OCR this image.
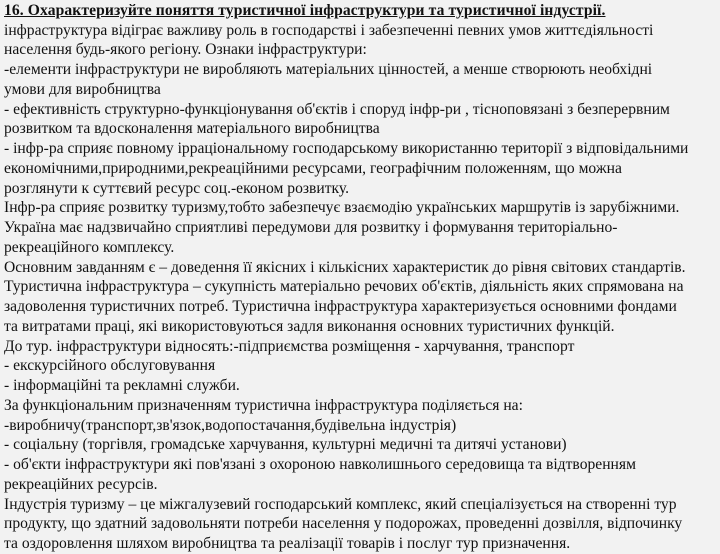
16. Охарактеризуйте поняття туристичної інфраструктури та туристичної індустрії.

інфраструктура відіграє важливу роль в господарстві і забезпеченні певних умов життєдіяльності

населення будь-якого регіону. Ознаки інфраструктури:

-елементи інфраструктури не виробляють матеріальних цінностей, а менше створюють необхідні

умови для виробництва

- ефективність структурно-функціонування об'єктів і споруд інфр-ри , тісноповязані з безперервним

розвитком та вдосконалення матеріального виробництва

- інфр-ра сприяє повному ірраціональному господарському використанню території з відповідальними

економічними,природними,рекреаційними ресурсами, географічним положенням, що можна

розглянути к суттєвий ресурс соц.-економ розвитку.

Інфр-ра сприяє розвитку туризму,тобто забезпечує взаємодію українських маршрутів із зарубіжними.

Україна має надзвичайно сприятливі передумови для розвитку і формування територіально-

рекреаційного комплексу.

Основним завданням є – доведення її якісних і кількісних характеристик до рівня світових стандартів.

Туристична інфраструктура – сукупність матеріально речових об'єктів, діяльність яких спрямована на

задоволення туристичних потреб. Туристична інфраструктура характеризується основними фондами

та витратами праці, які використовуються задля виконання основних туристичних функцій.

До тур. інфраструктури відносять:-підприємства розміщення - харчування, транспорт

- екскурсійного обслуговування

- інформаційні та рекламні служби.

За функціональним призначенням туристична інфраструктура поділяється на:

-виробничу(транспорт,зв'язок,водопостачання,будівельна індустрія)

- соціальну (торгівля, громадське харчування, культурні медичні та дитячі установи)

- об'єкти інфраструктури які пов'язані з охороною навколишнього середовища та відтворенням

рекреаційних ресурсів.

Індустрія туризму – це міжгалузевий господарський комплекс, який спеціалізується на створенні тур

продукту, що здатний задовольняти потреби населення у подорожах, проведенні дозвілля, відпочинку

та оздоровлення шляхом виробництва та реалізації товарів і послуг тур призначення.
